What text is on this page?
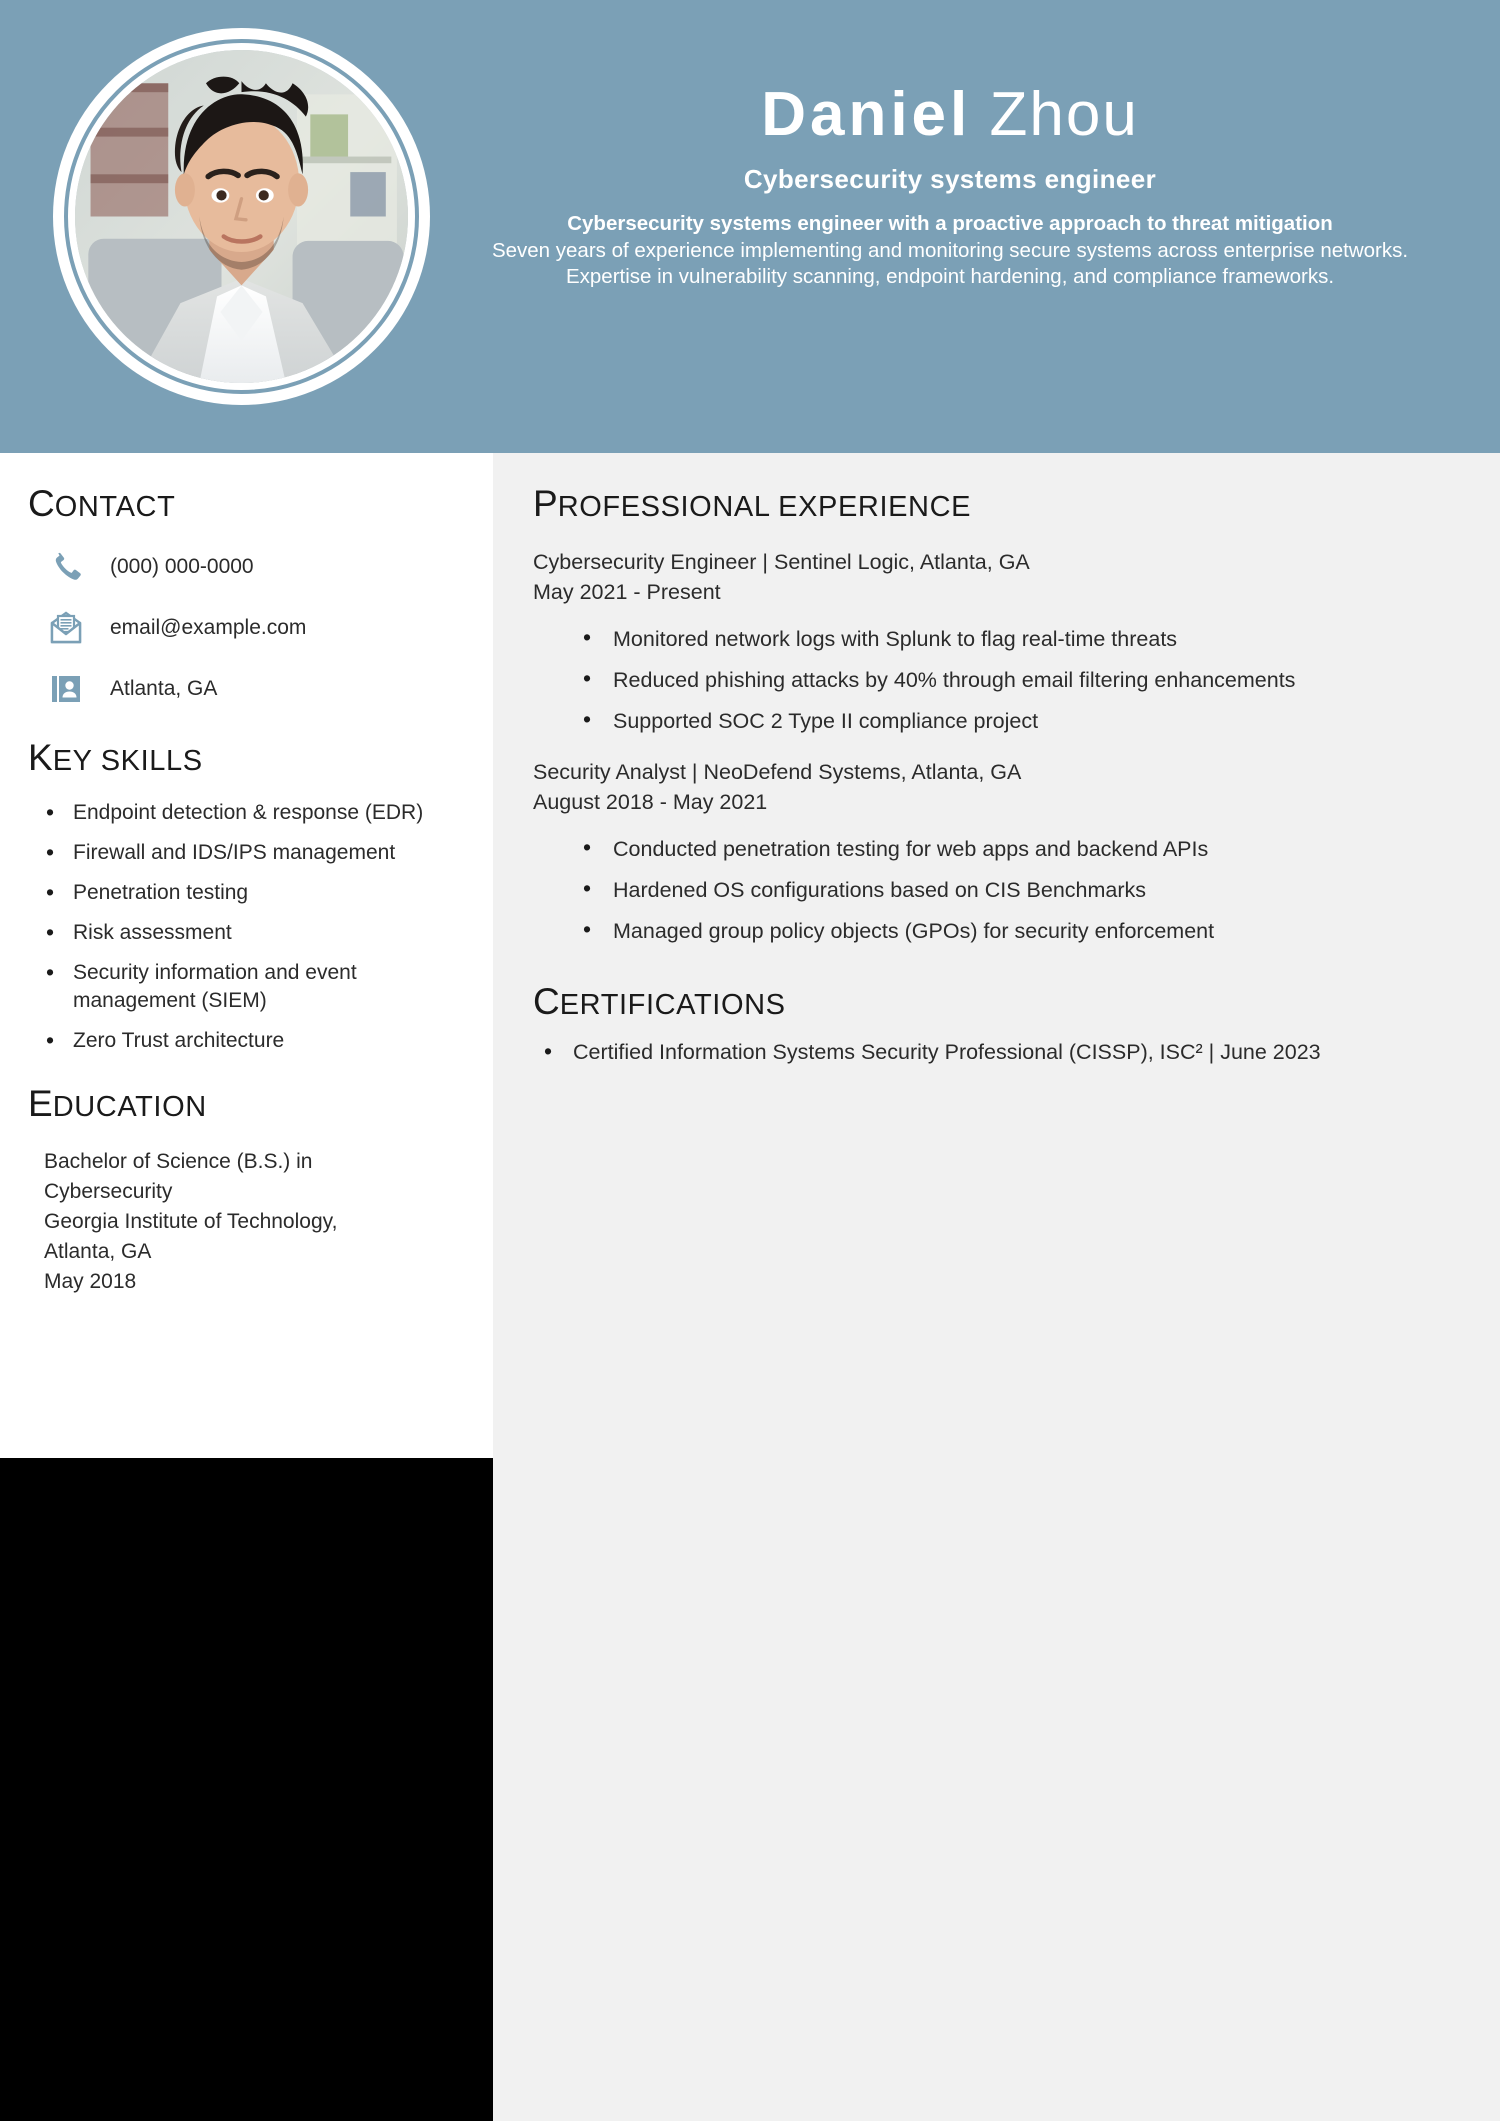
Daniel Zhou
Cybersecurity systems engineer
Cybersecurity systems engineer with a proactive approach to threat mitigation
Seven years of experience implementing and monitoring secure systems across enterprise networks. Expertise in vulnerability scanning, endpoint hardening, and compliance frameworks.
CONTACT
(000) 000-0000
email@example.com
Atlanta, GA
KEY SKILLS
• Endpoint detection & response (EDR)
• Firewall and IDS/IPS management
• Penetration testing
• Risk assessment
• Security information and event management (SIEM)
• Zero Trust architecture
EDUCATION
Bachelor of Science (B.S.) in
Cybersecurity
Georgia Institute of Technology,
Atlanta, GA
May 2018
PROFESSIONAL EXPERIENCE
Cybersecurity Engineer | Sentinel Logic, Atlanta, GA
May 2021 - Present
• Monitored network logs with Splunk to flag real-time threats
• Reduced phishing attacks by 40% through email filtering enhancements
• Supported SOC 2 Type II compliance project
Security Analyst | NeoDefend Systems, Atlanta, GA
August 2018 - May 2021
• Conducted penetration testing for web apps and backend APIs
• Hardened OS configurations based on CIS Benchmarks
• Managed group policy objects (GPOs) for security enforcement
CERTIFICATIONS
• Certified Information Systems Security Professional (CISSP), ISC² | June 2023
